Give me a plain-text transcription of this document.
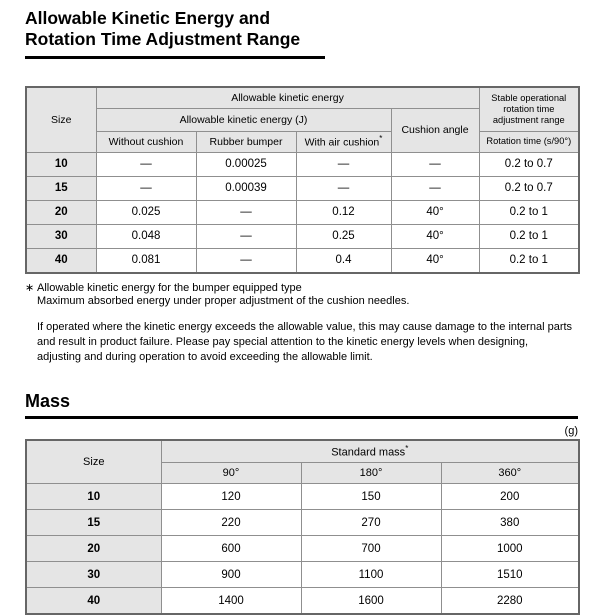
Allowable Kinetic Energy and
Rotation Time Adjustment Range
Size	Allowable kinetic energy				Stable operational rotation time adjustment range
	Allowable kinetic energy (J)			Cushion angle	
	Without cushion	Rubber bumper	With air cushion*		Rotation time (s/90°)
10	—	0.00025	—	—	0.2 to 0.7
15	—	0.00039	—	—	0.2 to 0.7
20	0.025	—	0.12	40°	0.2 to 1
30	0.048	—	0.25	40°	0.2 to 1
40	0.081	—	0.4	40°	0.2 to 1
∗ Allowable kinetic energy for the bumper equipped type
Maximum absorbed energy under proper adjustment of the cushion needles.
If operated where the kinetic energy exceeds the allowable value, this may cause damage to the internal parts and result in product failure. Please pay special attention to the kinetic energy levels when designing, adjusting and during operation to avoid exceeding the allowable limit.
Mass
(g)
Size	Standard mass*
	90°	180°	360°
10	120	150	200
15	220	270	380
20	600	700	1000
30	900	1100	1510
40	1400	1600	2280
